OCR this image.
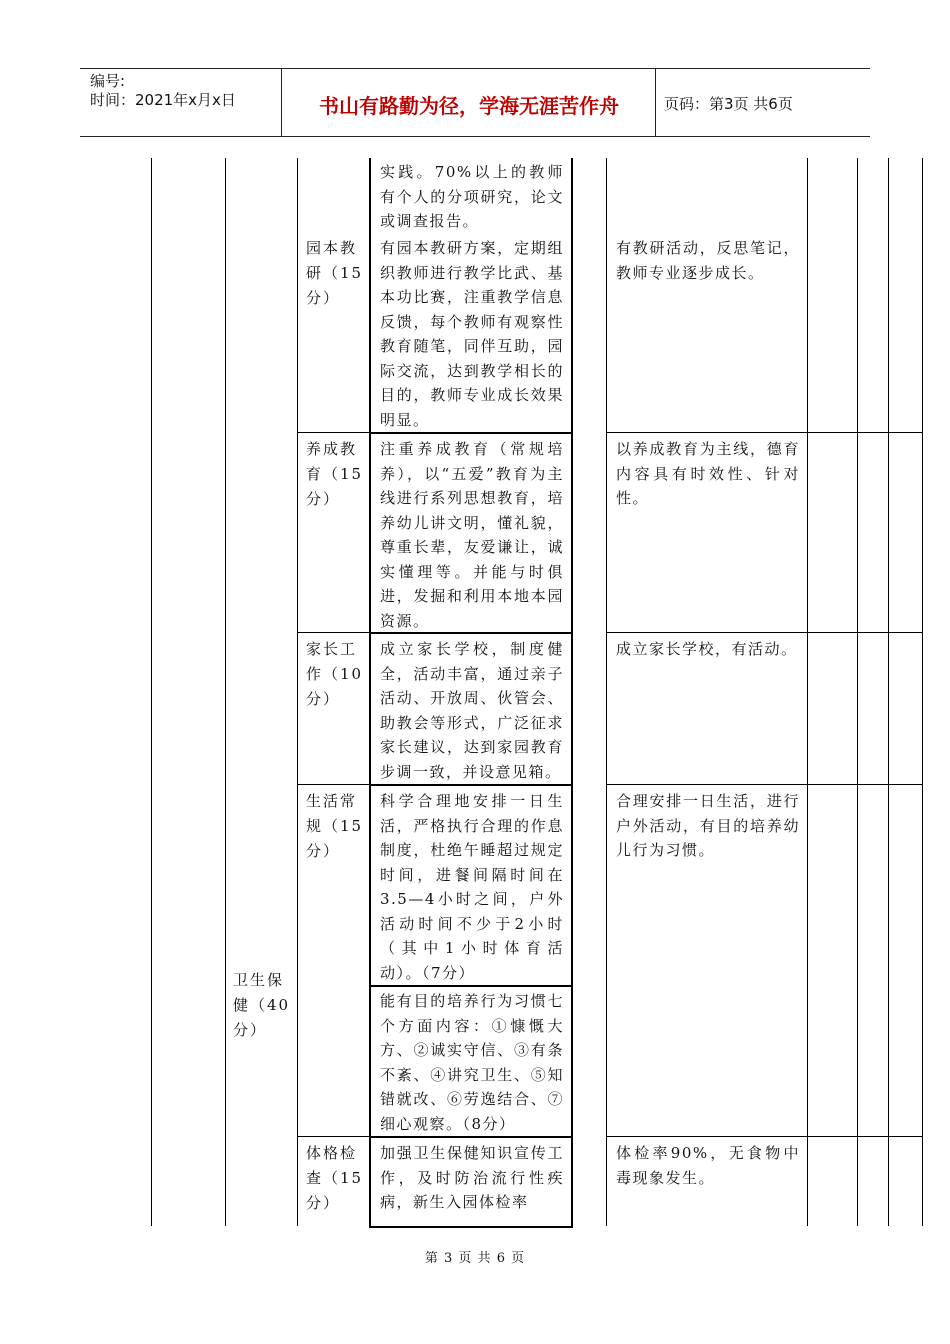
编号:
时间：2021年x月x日	书山有路勤为径，学海无涯苦作舟	页码：第3页 共6页
卫生保健（40分）
实践。70%以上的教师有个人的分项研究，论文或调查报告。
园本教研（15分）
有园本教研方案，定期组织教师进行教学比武、基本功比赛，注重教学信息反馈，每个教师有观察性教育随笔，同伴互助，园际交流，达到教学相长的目的，教师专业成长效果明显。
有教研活动，反思笔记，教师专业逐步成长。
养成教育（15分）
注重养成教育（常规培养），以“五爱”教育为主线进行系列思想教育，培养幼儿讲文明，懂礼貌，尊重长辈，友爱谦让，诚实懂理等。并能与时俱进，发掘和利用本地本园资源。
以养成教育为主线，德育内容具有时效性、针对性。
家长工作（10分）
成立家长学校，制度健全，活动丰富，通过亲子活动、开放周、伙管会、助教会等形式，广泛征求家长建议，达到家园教育步调一致，并设意见箱。
成立家长学校，有活动。
生活常规（15分）
科学合理地安排一日生活，严格执行合理的作息制度，杜绝午睡超过规定时间，进餐间隔时间在3.5—4小时之间，户外活动时间不少于2小时（其中1小时体育活动）。（7分）
能有目的培养行为习惯七个方面内容：①慷慨大方、②诚实守信、③有条不紊、④讲究卫生、⑤知错就改、⑥劳逸结合、⑦细心观察。（8分）
合理安排一日生活，进行户外活动，有目的培养幼儿行为习惯。
体格检查（15分）
加强卫生保健知识宣传工作，及时防治流行性疾病，新生入园体检率
体检率90%，无食物中毒现象发生。
第 3 页 共 6 页
